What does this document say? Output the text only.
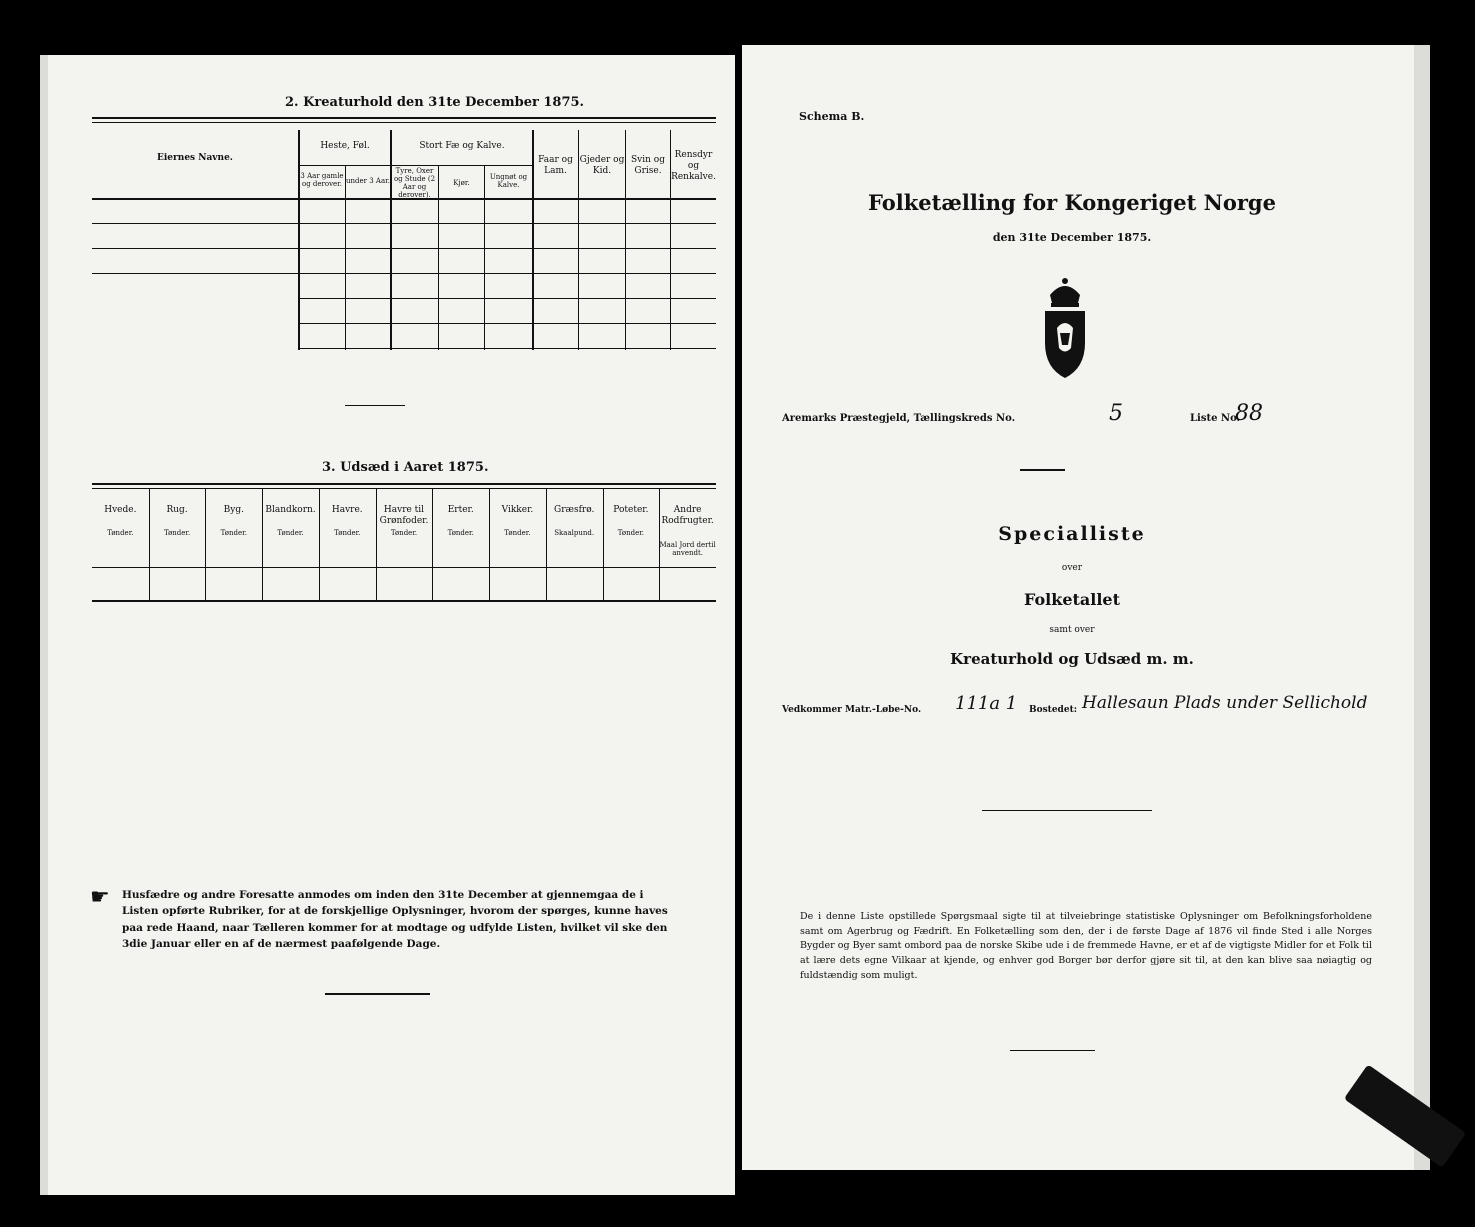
2. Kreaturhold den 31te December 1875.
Eiernes Navne.
Heste, Føl.
3 Aar gamle og derover. under 3 Aar.
Stort Fæ og Kalve.
Tyre, Oxer og Stude (2 Aar og derover).
Kjør.
Ungnøt og Kalve.
Faar og Lam.
Gjeder og Kid.
Svin og Grise.
Rensdyr og Renkalve.
3. Udsæd i Aaret 1875.
Hvede.
Tønder.
Rug.
Tønder.
Byg.
Tønder.
Blandkorn.
Tønder.
Havre.
Tønder.
Havre til Grønfoder.
Tønder.
Erter.
Tønder.
Vikker.
Tønder.
Græsfrø.
Skaalpund.
Poteter.
Tønder.
Andre Rodfrugter.
Maal Jord dertil anvendt.
☛ Husfædre og andre Foresatte anmodes om inden den 31te December at gjennemgaa de i Listen opførte Rubriker, for at de forskjellige Oplysninger, hvorom der spørges, kunne haves paa rede Haand, naar Tælleren kommer for at modtage og udfylde Listen, hvilket vil ske den 3die Januar eller en af de nærmest paafølgende Dage.
Schema B.
Folketælling for Kongeriget Norge
den 31te December 1875.
Aremarks Præstegjeld, Tællingskreds No.	5	Liste No.
88
Specialliste
over
Folketallet
samt over
Kreaturhold og Udsæd m. m.
Vedkommer Matr.-Løbe-No. 111a 1 Bostedet: Hallesaun Plads under Sellichold
De i denne Liste opstillede Spørgsmaal sigte til at tilveiebringe statistiske Oplysninger om Befolkningsforholdene samt om Agerbrug og Fædrift. En Folketælling som den, der i de første Dage af 1876 vil finde Sted i alle Norges Bygder og Byer samt ombord paa de norske Skibe ude i de fremmede Havne, er et af de vigtigste Midler for et Folk til at lære dets egne Vilkaar at kjende, og enhver god Borger bør derfor gjøre sit til, at den kan blive saa nøiagtig og fuldstændig som muligt.
